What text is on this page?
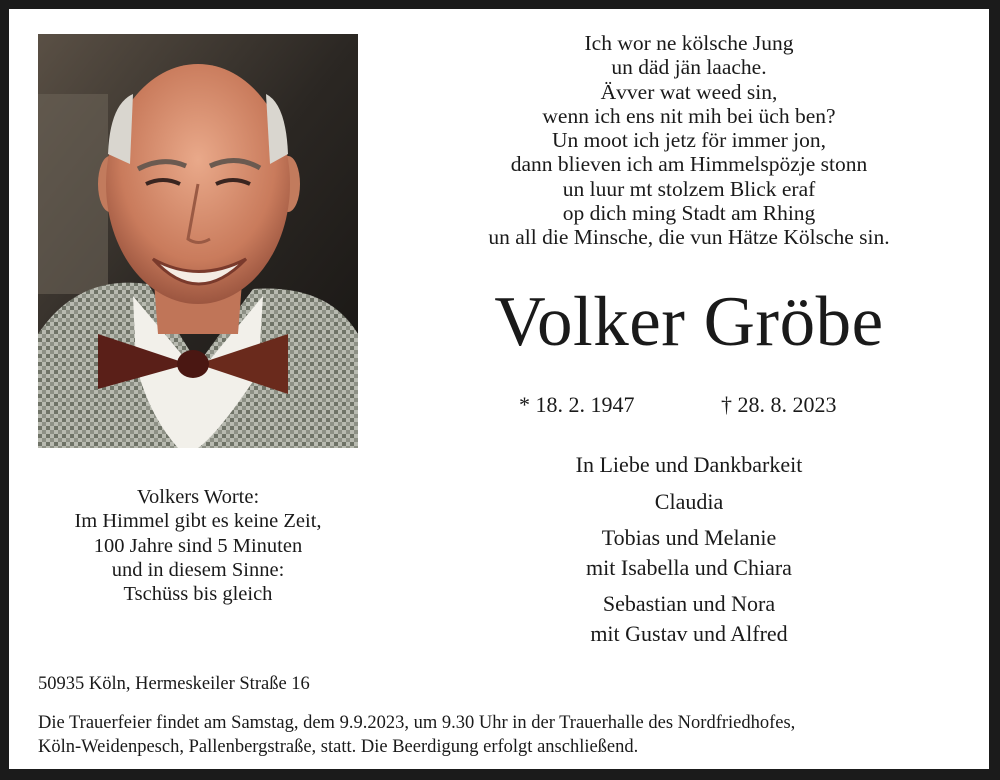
Ich wor ne kölsche Jung
un däd jän laache.
Ävver wat weed sin,
wenn ich ens nit mih bei üch ben?
Un moot ich jetz för immer jon,
dann blieven ich am Himmelspözje stonn
un luur mt stolzem Blick eraf
op dich ming Stadt am Rhing
un all die Minsche, die vun Hätze Kölsche sin.
Volker Gröbe
* 18. 2. 1947	† 28. 8. 2023
In Liebe und Dankbarkeit
Claudia
Tobias und Melanie
mit Isabella und Chiara
Sebastian und Nora
mit Gustav und Alfred
Volkers Worte:
Im Himmel gibt es keine Zeit,
100 Jahre sind 5 Minuten
und in diesem Sinne:
Tschüss bis gleich
50935 Köln, Hermeskeiler Straße 16
Die Trauerfeier findet am Samstag, dem 9.9.2023, um 9.30 Uhr in der Trauerhalle des Nordfriedhofes,
Köln-Weidenpesch, Pallenbergstraße, statt. Die Beerdigung erfolgt anschließend.
